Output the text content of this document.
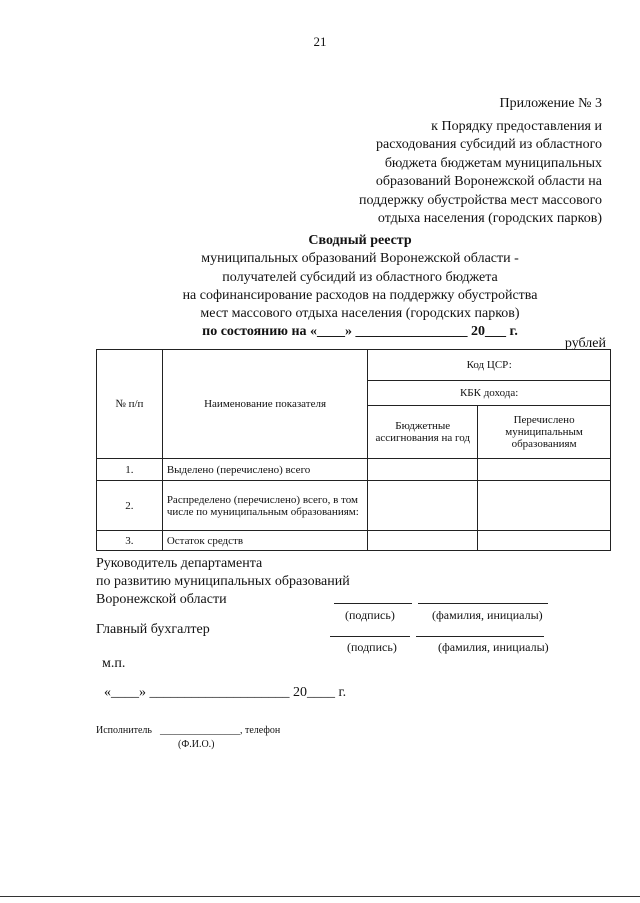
21
Приложение № 3
к Порядку предоставления и
расходования субсидий из областного
бюджета бюджетам муниципальных
образований Воронежской области на
поддержку обустройства мест массового
отдыха населения (городских парков)
Сводный реестр
муниципальных образований Воронежской области -
получателей субсидий из областного бюджета
на софинансирование расходов на поддержку обустройства
мест массового отдыха населения (городских парков)
по состоянию на «____» ________________ 20___ г.
рублей
№ п/п	Наименование показателя	Код ЦСР:	
		КБК дохода:	
		Бюджетные ассигнования на год	Перечислено муниципальным образованиям
1.	Выделено (перечислено) всего		
2.	Распределено (перечислено) всего, в том числе по муниципальным образованиям:		
3.	Остаток средств		
Руководитель департамента
по развитию муниципальных образований
Воронежской области
(подпись)	(фамилия, инициалы)
Главный бухгалтер
(подпись)	(фамилия, инициалы)
м.п.
«____» ____________________ 20____ г.
Исполнитель ________________, телефон
(Ф.И.О.)
